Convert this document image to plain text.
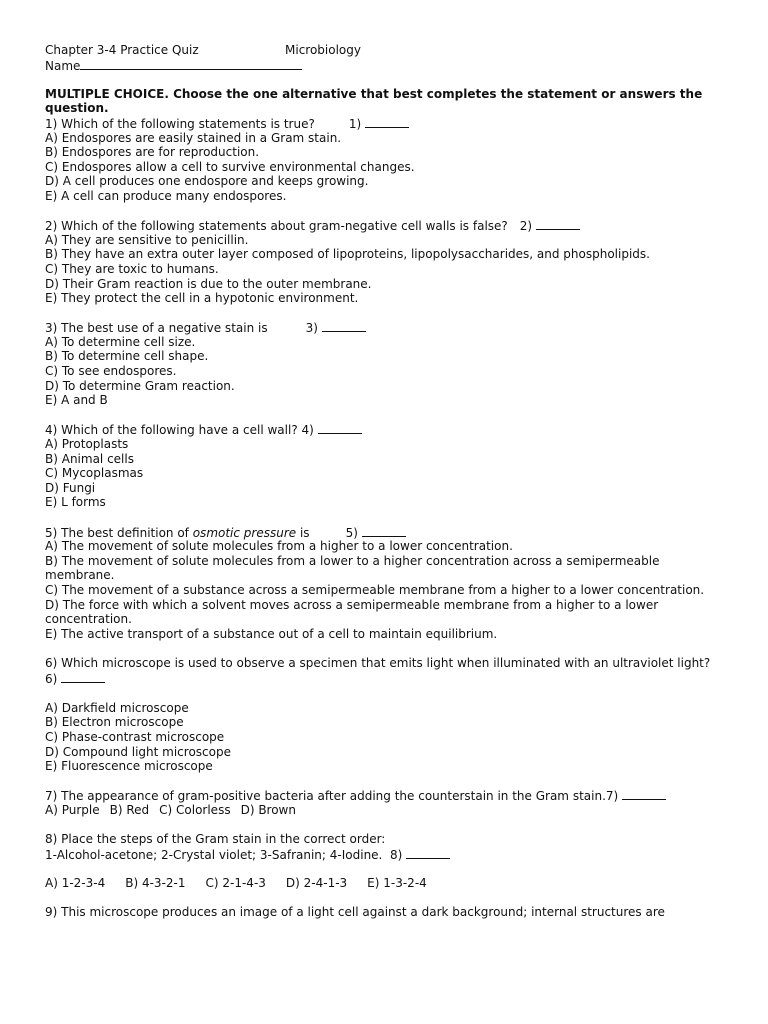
Chapter 3-4 Practice Quiz	Microbiology
Name
MULTIPLE CHOICE. Choose the one alternative that best completes the statement or answers the question.
1) Which of the following statements is true?	1)
A) Endospores are easily stained in a Gram stain.
B) Endospores are for reproduction.
C) Endospores allow a cell to survive environmental changes.
D) A cell produces one endospore and keeps growing.
E) A cell can produce many endospores.
2) Which of the following statements about gram-negative cell walls is false? 2)
A) They are sensitive to penicillin.
B) They have an extra outer layer composed of lipoproteins, lipopolysaccharides, and phospholipids.
C) They are toxic to humans.
D) Their Gram reaction is due to the outer membrane.
E) They protect the cell in a hypotonic environment.
3) The best use of a negative stain is	3)
A) To determine cell size.
B) To determine cell shape.
C) To see endospores.
D) To determine Gram reaction.
E) A and B
4) Which of the following have a cell wall? 4)
A) Protoplasts
B) Animal cells
C) Mycoplasmas
D) Fungi
E) L forms
5) The best definition of osmotic pressure is	5)
A) The movement of solute molecules from a higher to a lower concentration.
B) The movement of solute molecules from a lower to a higher concentration across a semipermeable membrane.
C) The movement of a substance across a semipermeable membrane from a higher to a lower concentration.
D) The force with which a solvent moves across a semipermeable membrane from a higher to a lower concentration.
E) The active transport of a substance out of a cell to maintain equilibrium.
6) Which microscope is used to observe a specimen that emits light when illuminated with an ultraviolet light? 6)
A) Darkfield microscope
B) Electron microscope
C) Phase-contrast microscope
D) Compound light microscope
E) Fluorescence microscope
7) The appearance of gram-positive bacteria after adding the counterstain in the Gram stain.7)
A) Purple B) Red C) Colorless D) Brown
8) Place the steps of the Gram stain in the correct order:
1-Alcohol-acetone; 2-Crystal violet; 3-Safranin; 4-Iodine. 8)
A) 1-2-3-4 B) 4-3-2-1 C) 2-1-4-3 D) 2-4-1-3 E) 1-3-2-4
9) This microscope produces an image of a light cell against a dark background; internal structures are
